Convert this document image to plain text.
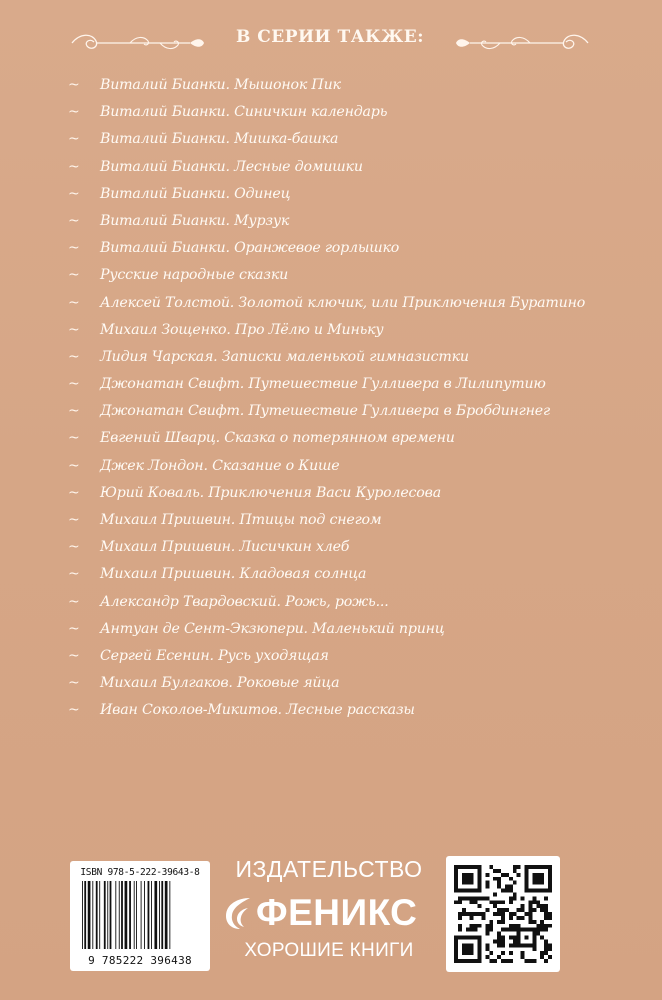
В СЕРИИ ТАКЖЕ:
~	Виталий Бианки. Мышонок Пик
~	Виталий Бианки. Синичкин календарь
~	Виталий Бианки. Мишка-башка
~	Виталий Бианки. Лесные домишки
~	Виталий Бианки. Одинец
~	Виталий Бианки. Мурзук
~	Виталий Бианки. Оранжевое горлышко
~	Русские народные сказки
~	Алексей Толстой. Золотой ключик, или Приключения Буратино
~	Михаил Зощенко. Про Лёлю и Миньку
~	Лидия Чарская. Записки маленькой гимназистки
~	Джонатан Свифт. Путешествие Гулливера в Лилипутию
~	Джонатан Свифт. Путешествие Гулливера в Бробдингнег
~	Евгений Шварц. Сказка о потерянном времени
~	Джек Лондон. Сказание о Кише
~	Юрий Коваль. Приключения Васи Куролесова
~	Михаил Пришвин. Птицы под снегом
~	Михаил Пришвин. Лисичкин хлеб
~	Михаил Пришвин. Кладовая солнца
~	Александр Твардовский. Рожь, рожь...
~	Антуан де Сент-Экзюпери. Маленький принц
~	Сергей Есенин. Русь уходящая
~	Михаил Булгаков. Роковые яйца
~	Иван Соколов-Микитов. Лесные рассказы
ISBN 978-5-222-39643-8
9 785222 396438
ИЗДАТЕЛЬСТВО
ФЕНИКС
ХОРОШИЕ КНИГИ
